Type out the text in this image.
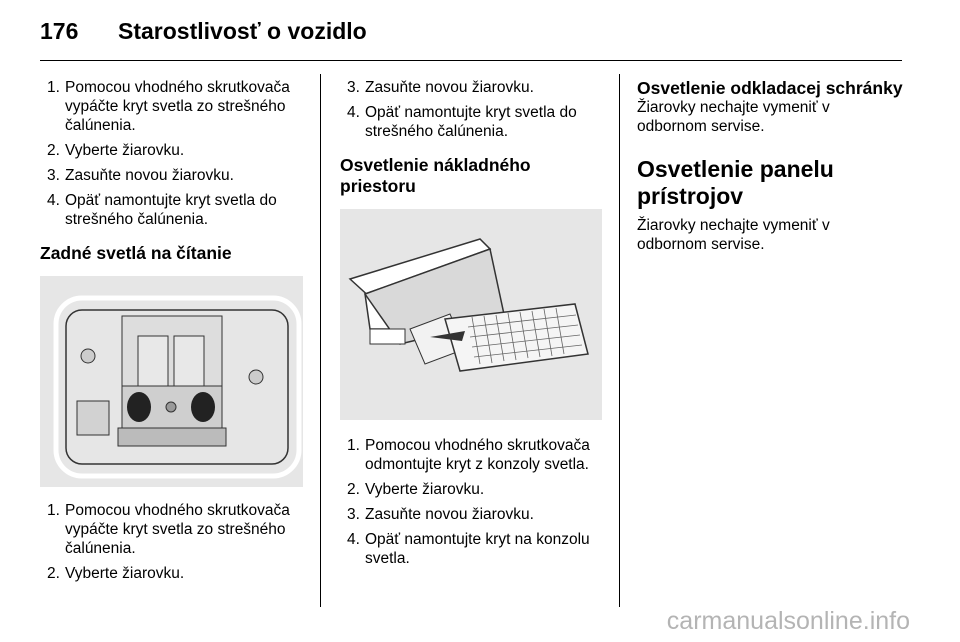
176 Starostlivosť o vozidlo
1. Pomocou vhodného skrutkovača vypáčte kryt svetla zo strešného čalúnenia.
2. Vyberte žiarovku.
3. Zasuňte novou žiarovku.
4. Opäť namontujte kryt svetla do strešného čalúnenia.
Zadné svetlá na čítanie
1. Pomocou vhodného skrutkovača vypáčte kryt svetla zo strešného čalúnenia.
2. Vyberte žiarovku.
3. Zasuňte novou žiarovku.
4. Opäť namontujte kryt svetla do strešného čalúnenia.
Osvetlenie nákladného priestoru
1. Pomocou vhodného skrutkovača odmontujte kryt z konzoly svetla.
2. Vyberte žiarovku.
3. Zasuňte novou žiarovku.
4. Opäť namontujte kryt na konzolu svetla.
Osvetlenie odkladacej schránky

Žiarovky nechajte vymeniť v odbornom servise.

Osvetlenie panelu prístrojov

Žiarovky nechajte vymeniť v odbornom servise.

carmanualsonline.info
